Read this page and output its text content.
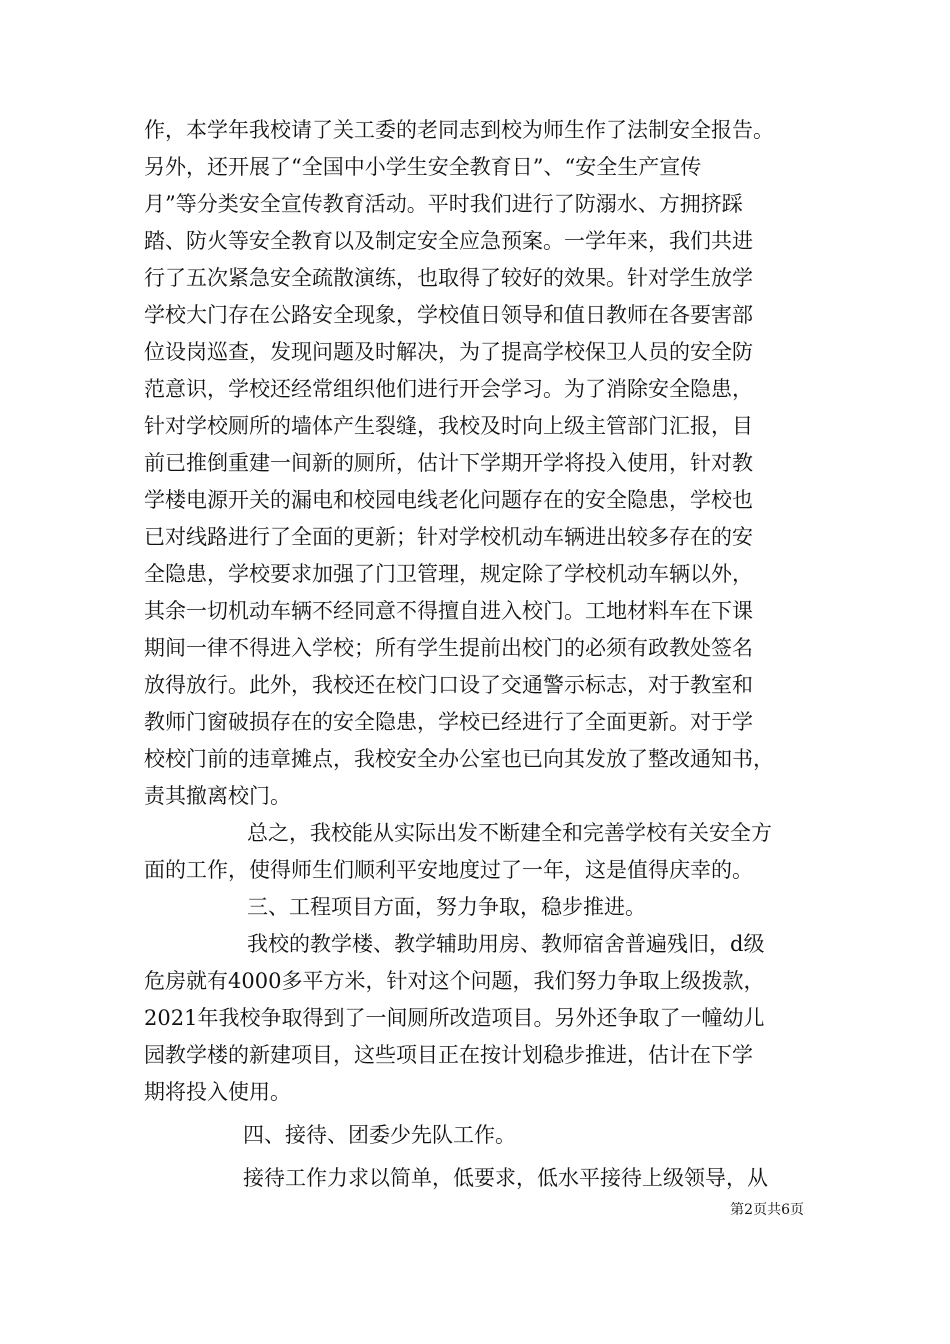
作，本学年我校请了关工委的老同志到校为师生作了法制安全报告。
另外，还开展了“全国中小学生安全教育日”、“安全生产宣传
月”等分类安全宣传教育活动。平时我们进行了防溺水、方拥挤踩
踏、防火等安全教育以及制定安全应急预案。一学年来，我们共进
行了五次紧急安全疏散演练，也取得了较好的效果。针对学生放学
学校大门存在公路安全现象，学校值日领导和值日教师在各要害部
位设岗巡查，发现问题及时解决，为了提高学校保卫人员的安全防
范意识，学校还经常组织他们进行开会学习。为了消除安全隐患，
针对学校厕所的墙体产生裂缝，我校及时向上级主管部门汇报，目
前已推倒重建一间新的厕所，估计下学期开学将投入使用，针对教
学楼电源开关的漏电和校园电线老化问题存在的安全隐患，学校也
已对线路进行了全面的更新；针对学校机动车辆进出较多存在的安
全隐患，学校要求加强了门卫管理，规定除了学校机动车辆以外，
其余一切机动车辆不经同意不得擅自进入校门。工地材料车在下课
期间一律不得进入学校；所有学生提前出校门的必须有政教处签名
放得放行。此外，我校还在校门口设了交通警示标志，对于教室和
教师门窗破损存在的安全隐患，学校已经进行了全面更新。对于学
校校门前的违章摊点，我校安全办公室也已向其发放了整改通知书，
责其撤离校门。
总之，我校能从实际出发不断建全和完善学校有关安全方
面的工作，使得师生们顺利平安地度过了一年，这是值得庆幸的。
三、工程项目方面，努力争取，稳步推进。
我校的教学楼、教学辅助用房、教师宿舍普遍残旧，d级
危房就有4000多平方米，针对这个问题，我们努力争取上级拨款，
2021年我校争取得到了一间厕所改造项目。另外还争取了一幢幼儿
园教学楼的新建项目，这些项目正在按计划稳步推进，估计在下学
期将投入使用。
四、接待、团委少先队工作。
接待工作力求以简单，低要求，低水平接待上级领导，从
第2页共6页
